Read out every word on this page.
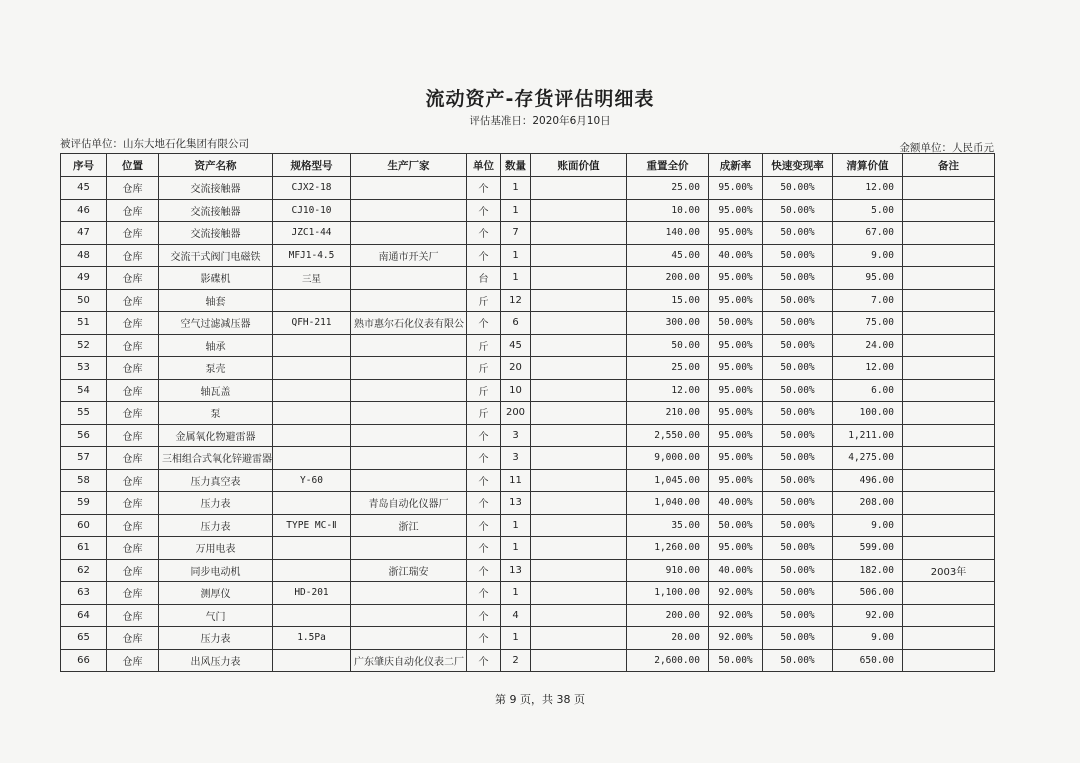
流动资产-存货评估明细表
评估基准日：2020年6月10日
被评估单位：山东大地石化集团有限公司	金额单位：人民币元
序号	位置	资产名称	规格型号	生产厂家	单位	数量	账面价值	重置全价	成新率	快速变现率	清算价值	备注
45	仓库	交流接触器	CJX2-18		个	1		25.00	95.00%	50.00%	12.00	
46	仓库	交流接触器	CJ10-10		个	1		10.00	95.00%	50.00%	5.00	
47	仓库	交流接触器	JZC1-44		个	7		140.00	95.00%	50.00%	67.00	
48	仓库	交流干式阀门电磁铁	MFJ1-4.5	南通市开关厂	个	1		45.00	40.00%	50.00%	9.00	
49	仓库	影碟机	三星		台	1		200.00	95.00%	50.00%	95.00	
50	仓库	轴套			斤	12		15.00	95.00%	50.00%	7.00	
51	仓库	空气过滤减压器	QFH-211	熟市惠尔石化仪表有限公	个	6		300.00	50.00%	50.00%	75.00	
52	仓库	轴承			斤	45		50.00	95.00%	50.00%	24.00	
53	仓库	泵壳			斤	20		25.00	95.00%	50.00%	12.00	
54	仓库	轴瓦盖			斤	10		12.00	95.00%	50.00%	6.00	
55	仓库	泵			斤	200		210.00	95.00%	50.00%	100.00	
56	仓库	金属氧化物避雷器			个	3		2,550.00	95.00%	50.00%	1,211.00	
57	仓库	三相组合式氧化锌避雷器			个	3		9,000.00	95.00%	50.00%	4,275.00	
58	仓库	压力真空表	Y-60		个	11		1,045.00	95.00%	50.00%	496.00	
59	仓库	压力表		青岛自动化仪器厂	个	13		1,040.00	40.00%	50.00%	208.00	
60	仓库	压力表	TYPE MC-Ⅱ	浙江	个	1		35.00	50.00%	50.00%	9.00	
61	仓库	万用电表			个	1		1,260.00	95.00%	50.00%	599.00	
62	仓库	同步电动机		浙江瑞安	个	13		910.00	40.00%	50.00%	182.00	2003年
63	仓库	测厚仪	HD-201		个	1		1,100.00	92.00%	50.00%	506.00	
64	仓库	气门			个	4		200.00	92.00%	50.00%	92.00	
65	仓库	压力表	1.5Pa		个	1		20.00	92.00%	50.00%	9.00	
66	仓库	出风压力表		广东肇庆自动化仪表二厂	个	2		2,600.00	50.00%	50.00%	650.00	
第 9 页，共 38 页
